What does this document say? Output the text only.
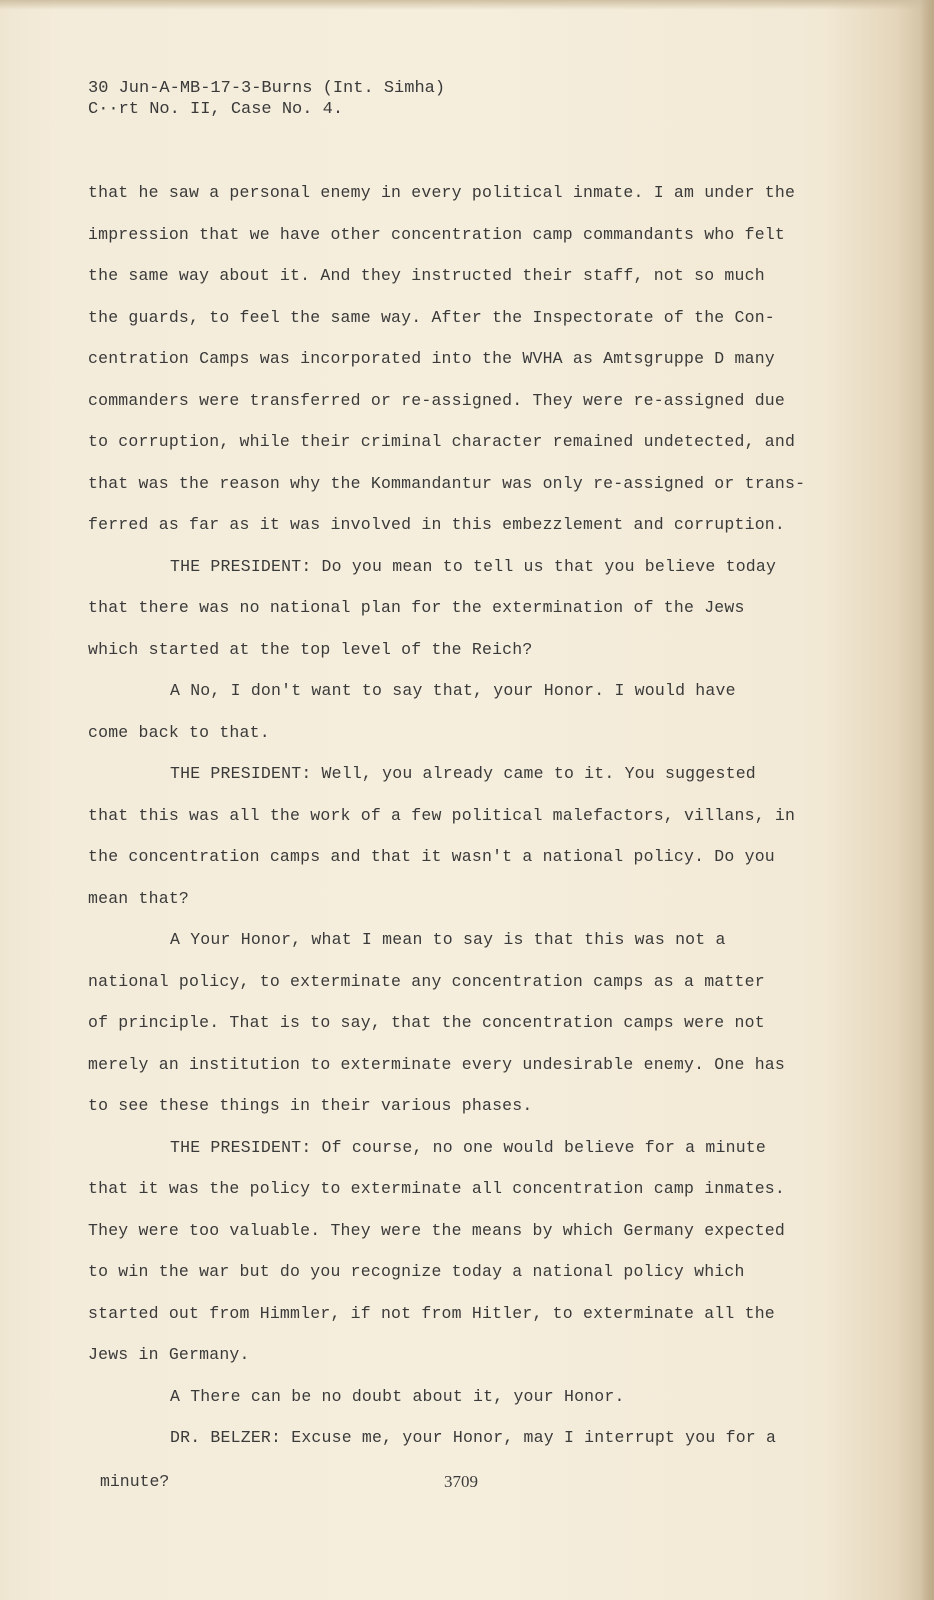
30 Jun-A-MB-17-3-Burns (Int. Simha)
C··rt No. II, Case No. 4.
that he saw a personal enemy in every political inmate. I am under the
impression that we have other concentration camp commandants who felt
the same way about it. And they instructed their staff, not so much
the guards, to feel the same way. After the Inspectorate of the Con-
centration Camps was incorporated into the WVHA as Amtsgruppe D many
commanders were transferred or re-assigned. They were re-assigned due
to corruption, while their criminal character remained undetected, and
that was the reason why the Kommandantur was only re-assigned or trans-
ferred as far as it was involved in this embezzlement and corruption.
THE PRESIDENT: Do you mean to tell us that you believe today
that there was no national plan for the extermination of the Jews
which started at the top level of the Reich?
A No, I don't want to say that, your Honor. I would have
come back to that.
THE PRESIDENT: Well, you already came to it. You suggested
that this was all the work of a few political malefactors, villans, in
the concentration camps and that it wasn't a national policy. Do you
mean that?
A Your Honor, what I mean to say is that this was not a
national policy, to exterminate any concentration camps as a matter
of principle. That is to say, that the concentration camps were not
merely an institution to exterminate every undesirable enemy. One has
to see these things in their various phases.
THE PRESIDENT: Of course, no one would believe for a minute
that it was the policy to exterminate all concentration camp inmates.
They were too valuable. They were the means by which Germany expected
to win the war but do you recognize today a national policy which
started out from Himmler, if not from Hitler, to exterminate all the
Jews in Germany.
A There can be no doubt about it, your Honor.
DR. BELZER: Excuse me, your Honor, may I interrupt you for a
minute?	3709
